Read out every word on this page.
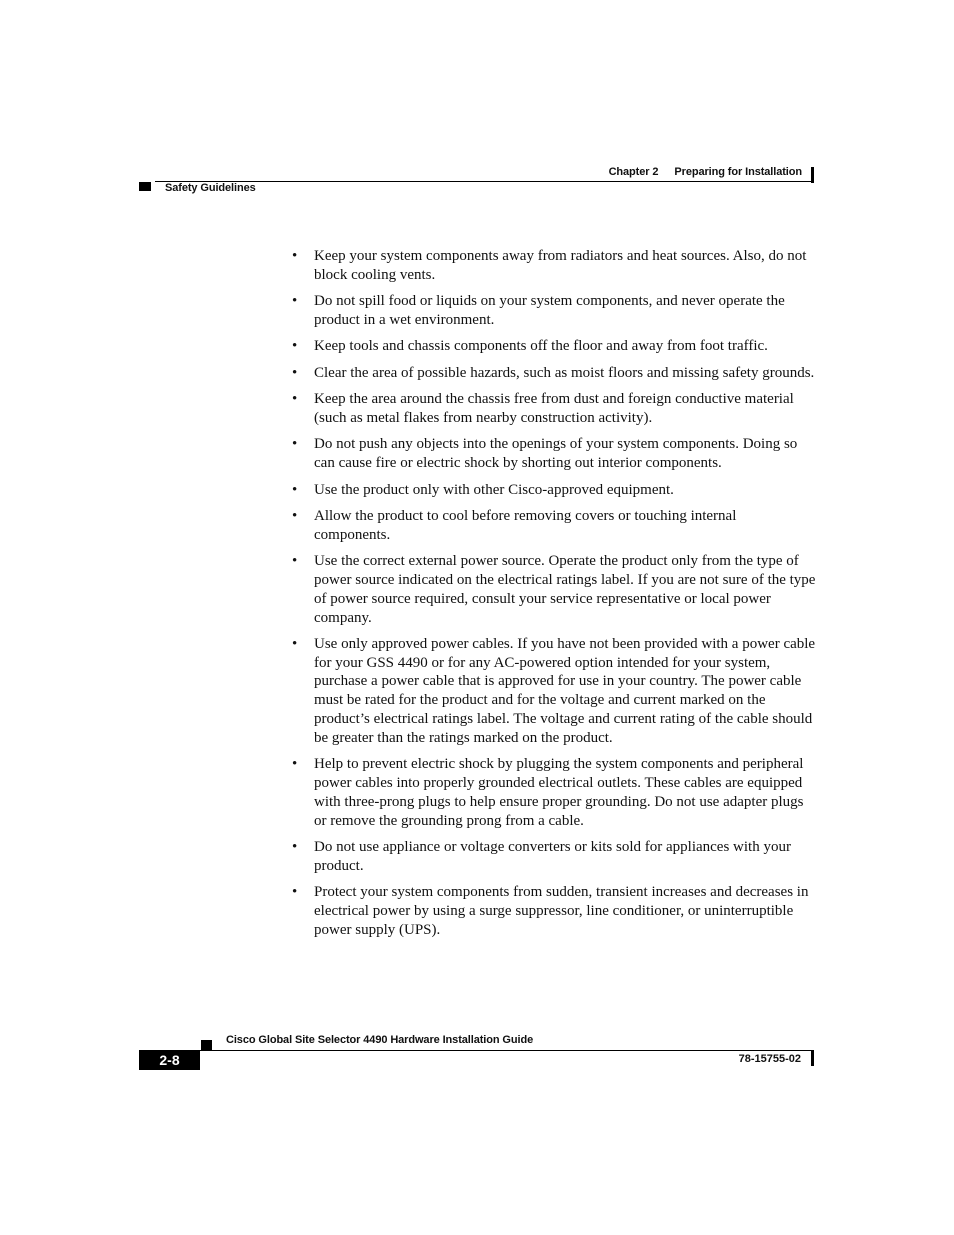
Chapter 2 Preparing for Installation
Safety Guidelines
• Keep your system components away from radiators and heat sources. Also, do not block cooling vents.
• Do not spill food or liquids on your system components, and never operate the product in a wet environment.
• Keep tools and chassis components off the floor and away from foot traffic.
• Clear the area of possible hazards, such as moist floors and missing safety grounds.
• Keep the area around the chassis free from dust and foreign conductive material (such as metal flakes from nearby construction activity).
• Do not push any objects into the openings of your system components. Doing so can cause fire or electric shock by shorting out interior components.
• Use the product only with other Cisco-approved equipment.
• Allow the product to cool before removing covers or touching internal components.
• Use the correct external power source. Operate the product only from the type of power source indicated on the electrical ratings label. If you are not sure of the type of power source required, consult your service representative or local power company.
• Use only approved power cables. If you have not been provided with a power cable for your GSS 4490 or for any AC-powered option intended for your system, purchase a power cable that is approved for use in your country. The power cable must be rated for the product and for the voltage and current marked on the product’s electrical ratings label. The voltage and current rating of the cable should be greater than the ratings marked on the product.
• Help to prevent electric shock by plugging the system components and peripheral power cables into properly grounded electrical outlets. These cables are equipped with three-prong plugs to help ensure proper grounding. Do not use adapter plugs or remove the grounding prong from a cable.
• Do not use appliance or voltage converters or kits sold for appliances with your product.
• Protect your system components from sudden, transient increases and decreases in electrical power by using a surge suppressor, line conditioner, or uninterruptible power supply (UPS).
Cisco Global Site Selector 4490 Hardware Installation Guide
2-8	78-15755-02
